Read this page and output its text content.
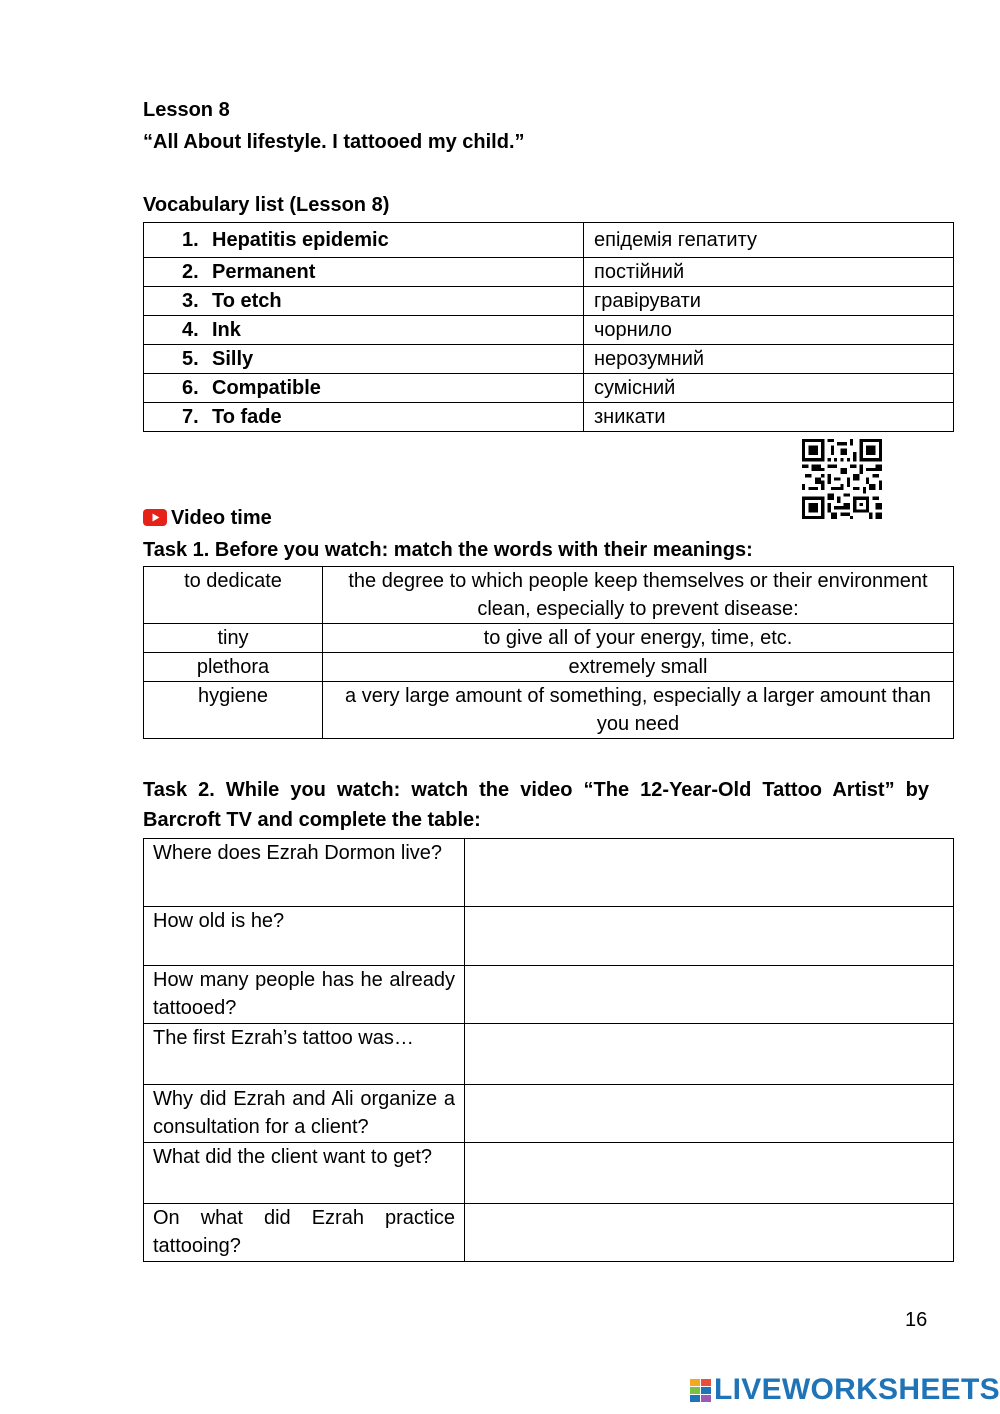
Lesson 8
“All About lifestyle. I tattooed my child.”
Vocabulary list (Lesson 8)
1. Hepatitis epidemic	епідемія гепатиту
2. Permanent	постійний
3. To etch	гравірувати
4. Ink	чорнило
5. Silly	нерозумний
6. Compatible	сумісний
7. To fade	зникати
Video time
Task 1. Before you watch: match the words with their meanings:
to dedicate	the degree to which people keep themselves or their environment clean, especially to prevent disease:
tiny	to give all of your energy, time, etc.
plethora	extremely small
hygiene	a very large amount of something, especially a larger amount than you need
Task 2. While you watch: watch the video “The 12-Year-Old Tattoo Artist” by Barcroft TV and complete the table:
Where does Ezrah Dormon live?	
How old is he?	
How many people has he already tattooed?	
The first Ezrah’s tattoo was…	
Why did Ezrah and Ali organize a consultation for a client?	
What did the client want to get?	
On what did Ezrah practice tattooing?	
16
LIVEWORKSHEETS
